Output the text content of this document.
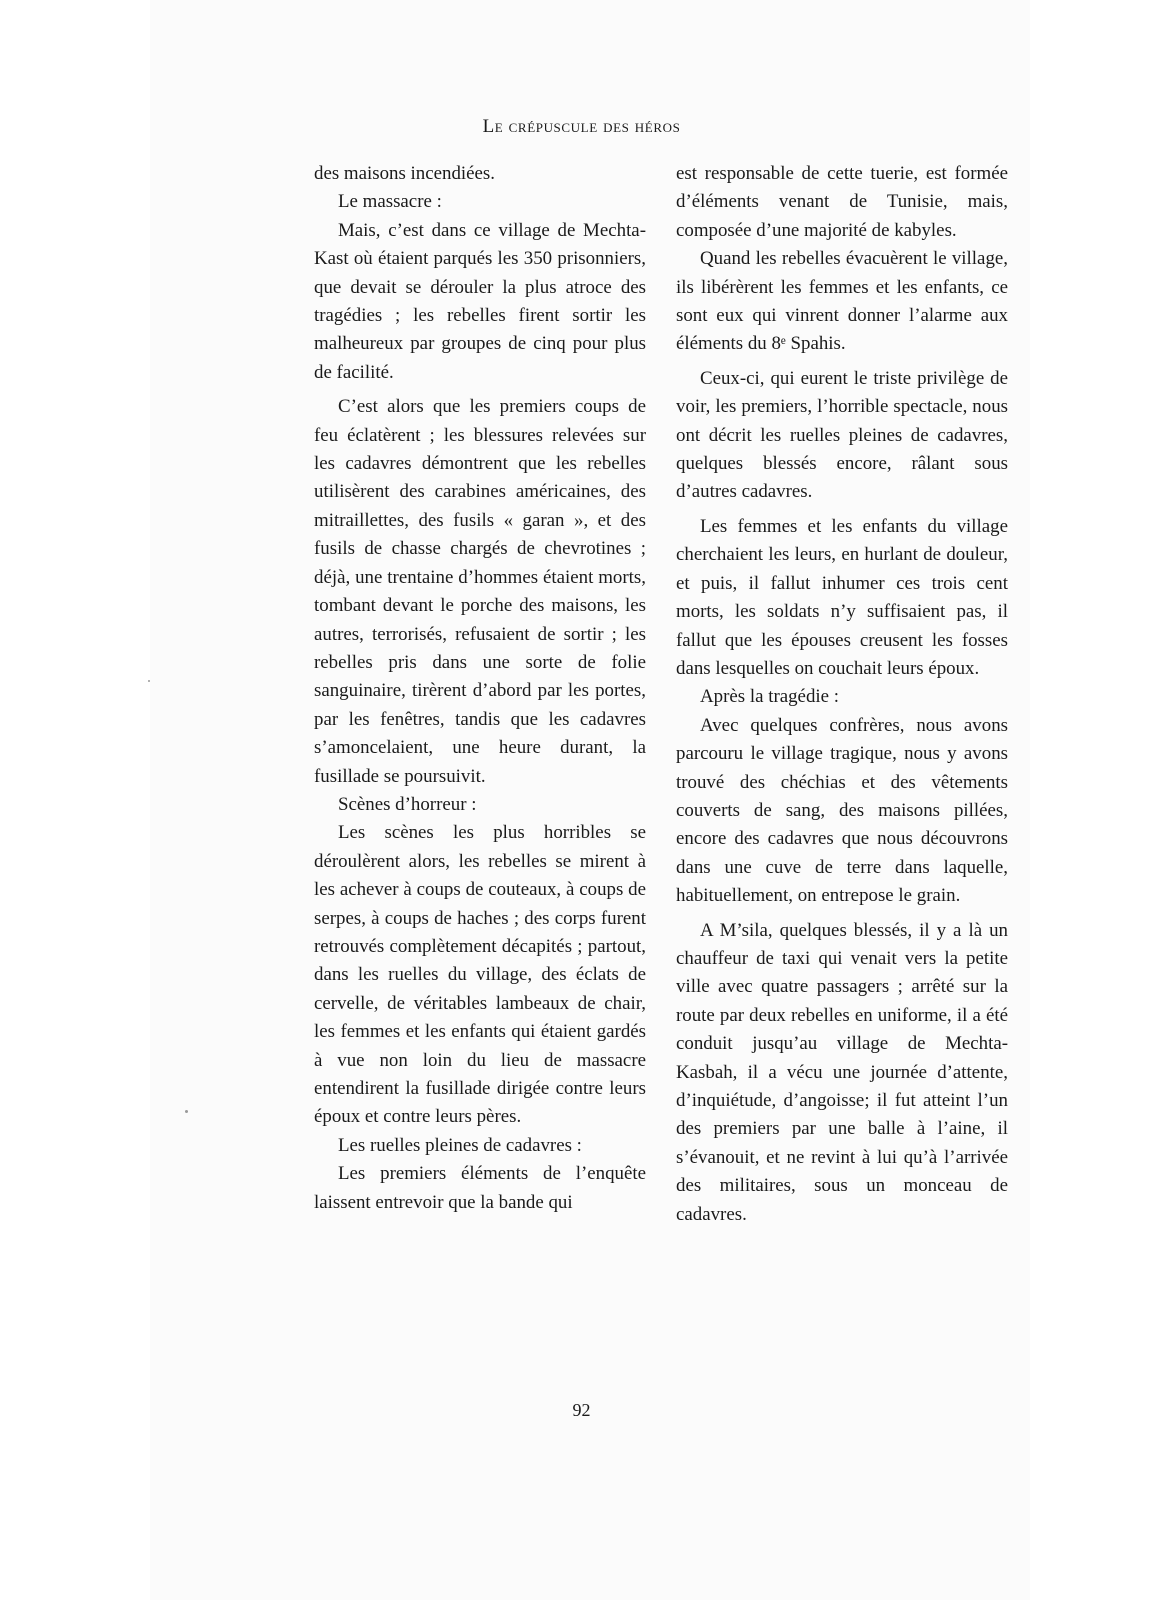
Le crépuscule des héros

des maisons incendiées.

Le massacre :

Mais, c’est dans ce village de Mechta-Kast où étaient parqués les 350 prisonniers, que devait se dérouler la plus atroce des tragédies ; les rebelles firent sortir les malheureux par groupes de cinq pour plus de facilité.

C’est alors que les premiers coups de feu éclatèrent ; les blessures relevées sur les cadavres démontrent que les rebelles utilisèrent des carabines américaines, des mitraillettes, des fusils « garan », et des fusils de chasse chargés de chevrotines ; déjà, une trentaine d’hommes étaient morts, tombant devant le porche des maisons, les autres, terrorisés, refusaient de sortir ; les rebelles pris dans une sorte de folie sanguinaire, tirèrent d’abord par les portes, par les fenêtres, tandis que les cadavres s’amoncelaient, une heure durant, la fusillade se poursuivit.

Scènes d’horreur :

Les scènes les plus horribles se déroulèrent alors, les rebelles se mirent à les achever à coups de couteaux, à coups de serpes, à coups de haches ; des corps furent retrouvés complètement décapités ; partout, dans les ruelles du village, des éclats de cervelle, de véritables lambeaux de chair, les femmes et les enfants qui étaient gardés à vue non loin du lieu de massacre entendirent la fusillade dirigée contre leurs époux et contre leurs pères.

Les ruelles pleines de cadavres :

Les premiers éléments de l’enquête laissent entrevoir que la bande qui

est responsable de cette tuerie, est formée d’éléments venant de Tunisie, mais, composée d’une majorité de kabyles.

Quand les rebelles évacuèrent le village, ils libérèrent les femmes et les enfants, ce sont eux qui vinrent donner l’alarme aux éléments du 8ᵉ Spahis.

Ceux-ci, qui eurent le triste privilège de voir, les premiers, l’horrible spectacle, nous ont décrit les ruelles pleines de cadavres, quelques blessés encore, râlant sous d’autres cadavres.

Les femmes et les enfants du village cherchaient les leurs, en hurlant de douleur, et puis, il fallut inhumer ces trois cent morts, les soldats n’y suffisaient pas, il fallut que les épouses creusent les fosses dans lesquelles on couchait leurs époux.

Après la tragédie :

Avec quelques confrères, nous avons parcouru le village tragique, nous y avons trouvé des chéchias et des vêtements couverts de sang, des maisons pillées, encore des cadavres que nous découvrons dans une cuve de terre dans laquelle, habituellement, on entrepose le grain.

A M’sila, quelques blessés, il y a là un chauffeur de taxi qui venait vers la petite ville avec quatre passagers ; arrêté sur la route par deux rebelles en uniforme, il a été conduit jusqu’au village de Mechta-Kasbah, il a vécu une journée d’attente, d’inquiétude, d’angoisse; il fut atteint l’un des premiers par une balle à l’aine, il s’évanouit, et ne revint à lui qu’à l’arrivée des militaires, sous un monceau de cadavres.

92
